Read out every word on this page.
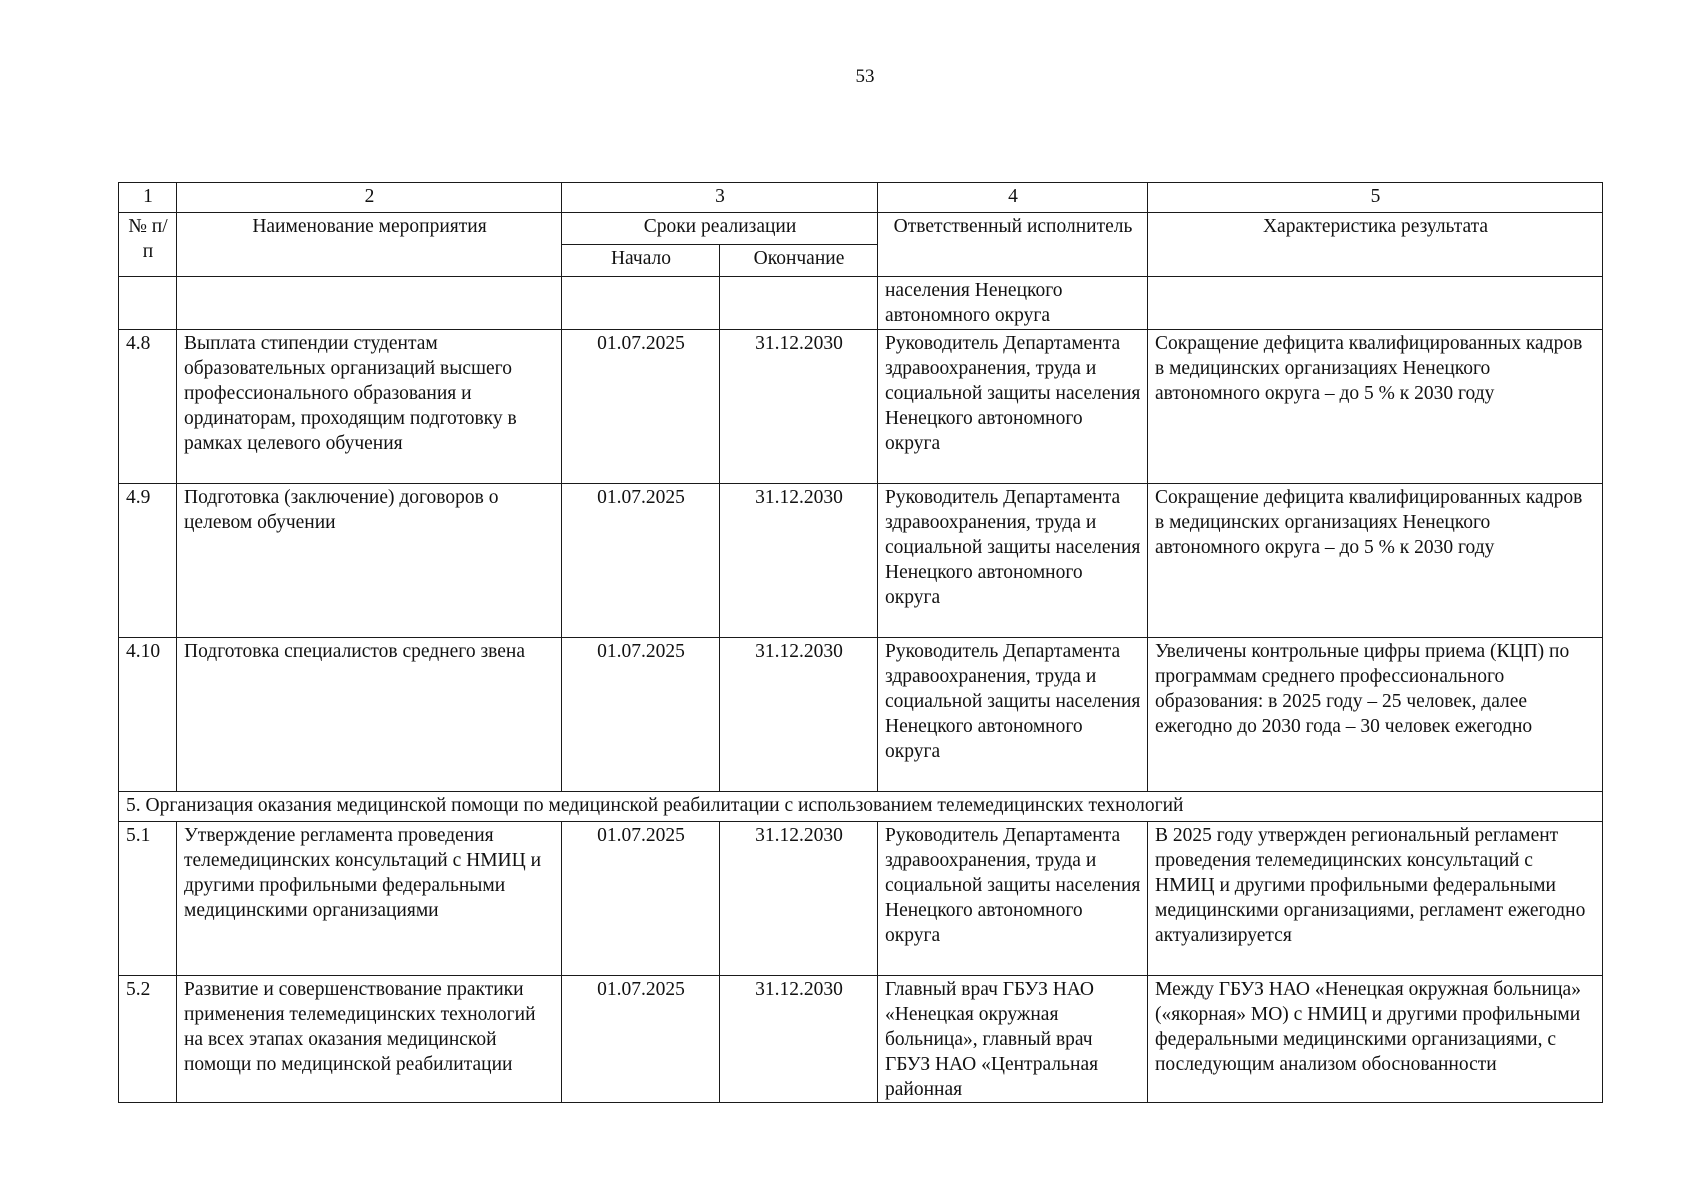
53
1	2	3		4	5
№ п/п	Наименование мероприятия	Сроки реализации		Ответственный исполнитель	Характеристика результата
		Начало	Окончание		
				населения Ненецкого автономного округа	
4.8	Выплата стипендии студентам образовательных организаций высшего профессионального образования и ординаторам, проходящим подготовку в рамках целевого обучения	01.07.2025	31.12.2030	Руководитель Департамента здравоохранения, труда и социальной защиты населения Ненецкого автономного округа	Сокращение дефицита квалифицированных кадров в медицинских организациях Ненецкого автономного округа – до 5 % к 2030 году
4.9	Подготовка (заключение) договоров о целевом обучении	01.07.2025	31.12.2030	Руководитель Департамента здравоохранения, труда и социальной защиты населения Ненецкого автономного округа	Сокращение дефицита квалифицированных кадров в медицинских организациях Ненецкого автономного округа – до 5 % к 2030 году
4.10	Подготовка специалистов среднего звена	01.07.2025	31.12.2030	Руководитель Департамента здравоохранения, труда и социальной защиты населения Ненецкого автономного округа	Увеличены контрольные цифры приема (КЦП) по программам среднего профессионального образования: в 2025 году – 25 человек, далее ежегодно до 2030 года – 30 человек ежегодно
5. Организация оказания медицинской помощи по медицинской реабилитации с использованием телемедицинских технологий					
5.1	Утверждение регламента проведения телемедицинских консультаций с НМИЦ и другими профильными федеральными медицинскими организациями	01.07.2025	31.12.2030	Руководитель Департамента здравоохранения, труда и социальной защиты населения Ненецкого автономного округа	В 2025 году утвержден региональный регламент проведения телемедицинских консультаций с НМИЦ и другими профильными федеральными медицинскими организациями, регламент ежегодно актуализируется
5.2	Развитие и совершенствование практики применения телемедицинских технологий на всех этапах оказания медицинской помощи по медицинской реабилитации	01.07.2025	31.12.2030	Главный врач ГБУЗ НАО «Ненецкая окружная больница», главный врач ГБУЗ НАО «Центральная районная	Между ГБУЗ НАО «Ненецкая окружная больница» («якорная» МО) с НМИЦ и другими профильными федеральными медицинскими организациями, с последующим анализом обоснованности
